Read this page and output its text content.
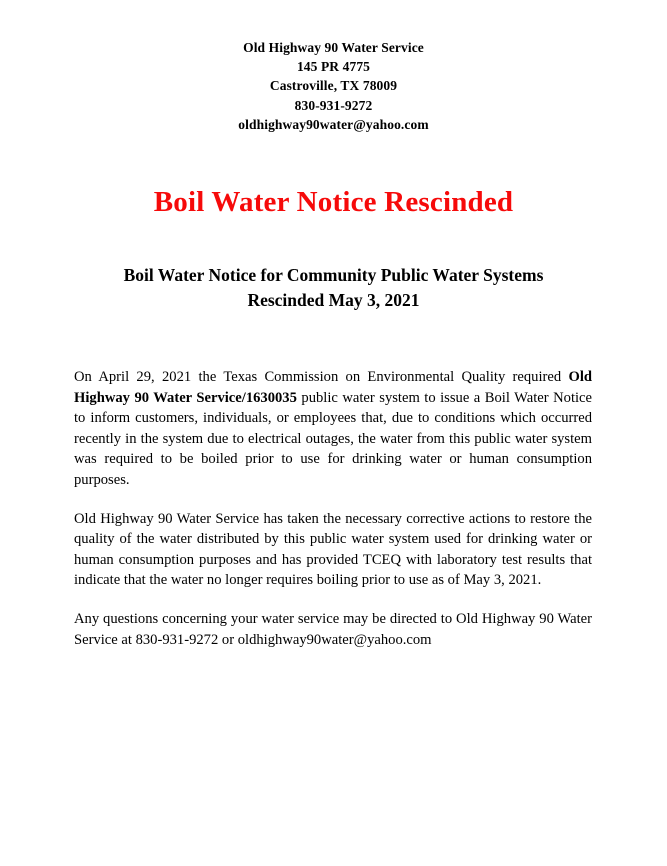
Old Highway 90 Water Service
145 PR 4775
Castroville, TX 78009
830-931-9272
oldhighway90water@yahoo.com
Boil Water Notice Rescinded
Boil Water Notice for Community Public Water Systems
Rescinded May 3, 2021

On April 29, 2021 the Texas Commission on Environmental Quality required Old Highway 90 Water Service/1630035 public water system to issue a Boil Water Notice to inform customers, individuals, or employees that, due to conditions which occurred recently in the system due to electrical outages, the water from this public water system was required to be boiled prior to use for drinking water or human consumption purposes.

Old Highway 90 Water Service has taken the necessary corrective actions to restore the quality of the water distributed by this public water system used for drinking water or human consumption purposes and has provided TCEQ with laboratory test results that indicate that the water no longer requires boiling prior to use as of May 3, 2021.

Any questions concerning your water service may be directed to Old Highway 90 Water Service at 830-931-9272 or oldhighway90water@yahoo.com
